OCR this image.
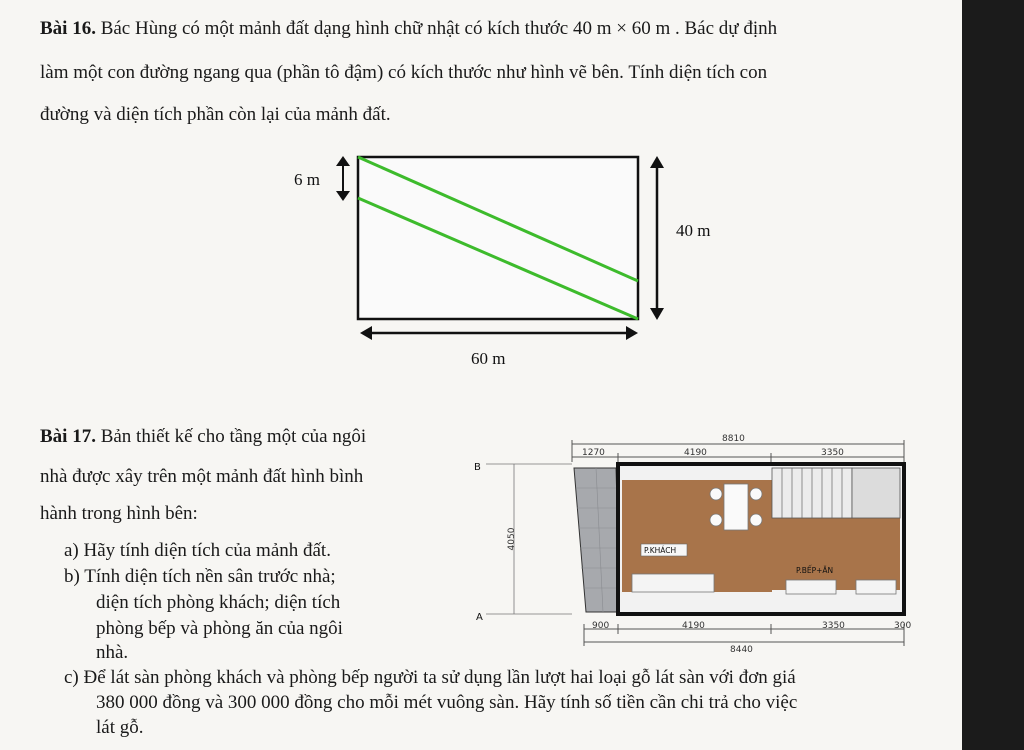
Bài 16. Bác Hùng có một mảnh đất dạng hình chữ nhật có kích thước 40 m × 60 m . Bác dự định
làm một con đường ngang qua (phần tô đậm) có kích thước như hình vẽ bên. Tính diện tích con
đường và diện tích phần còn lại của mảnh đất.
6 m
40 m
60 m
Bài 17. Bản thiết kế cho tầng một của ngôi
nhà được xây trên một mảnh đất hình bình
hành trong hình bên:
a) Hãy tính diện tích của mảnh đất.
b) Tính diện tích nền sân trước nhà;
diện tích phòng khách; diện tích
phòng bếp và phòng ăn của ngôi
nhà.
c) Để lát sàn phòng khách và phòng bếp người ta sử dụng lần lượt hai loại gỗ lát sàn với đơn giá
380 000 đồng và 300 000 đồng cho mỗi mét vuông sàn. Hãy tính số tiền cần chi trả cho việc
lát gỗ.
8810
1270	4190	3350
B
A
4050
P.KHÁCH
P.BẾP+ĂN
900	4190	3350	300
8440
